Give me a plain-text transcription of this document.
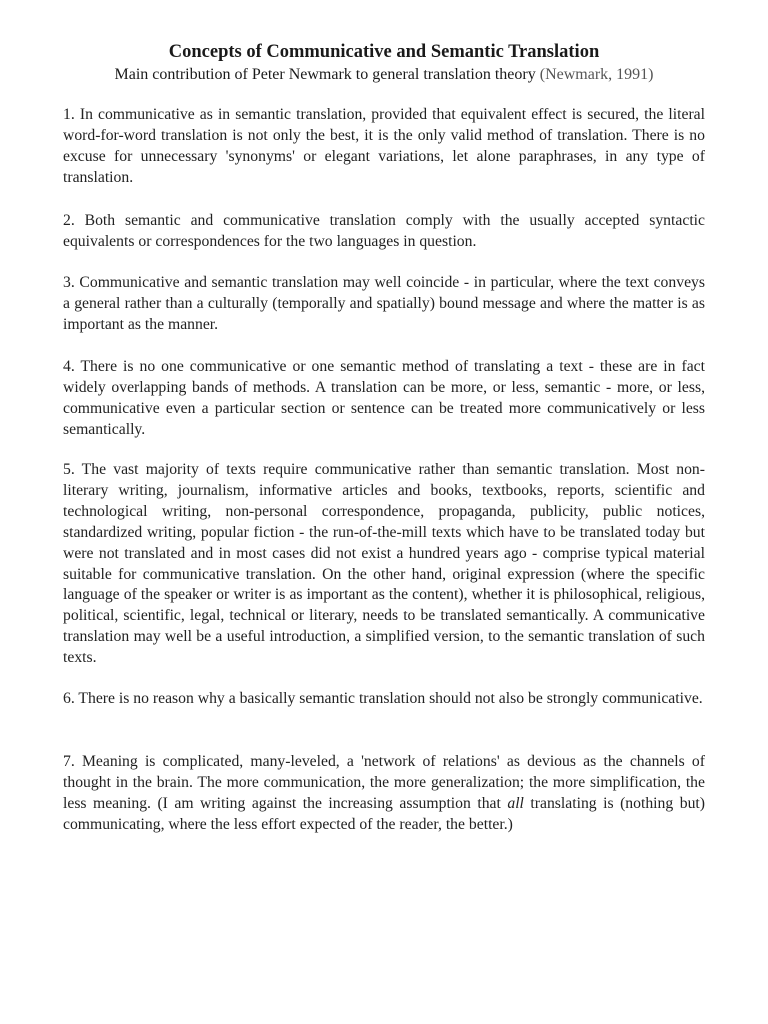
Concepts of Communicative and Semantic Translation

Main contribution of Peter Newmark to general translation theory (Newmark, 1991)

1. In communicative as in semantic translation, provided that equivalent effect is secured, the literal word-for-word translation is not only the best, it is the only valid method of translation. There is no excuse for unnecessary 'synonyms' or elegant variations, let alone paraphrases, in any type of translation.

2. Both semantic and communicative translation comply with the usually accepted syntactic equivalents or correspondences for the two languages in question.

3. Communicative and semantic translation may well coincide - in particular, where the text conveys a general rather than a culturally (temporally and spatially) bound message and where the matter is as important as the manner.

4. There is no one communicative or one semantic method of translating a text - these are in fact widely overlapping bands of methods. A translation can be more, or less, semantic - more, or less, communicative even a particular section or sentence can be treated more communicatively or less semantically.

5. The vast majority of texts require communicative rather than semantic translation. Most non-literary writing, journalism, informative articles and books, textbooks, reports, scientific and technological writing, non-personal correspondence, propaganda, publicity, public notices, standardized writing, popular fiction - the run-of-the-mill texts which have to be translated today but were not translated and in most cases did not exist a hundred years ago - comprise typical material suitable for communicative translation. On the other hand, original expression (where the specific language of the speaker or writer is as important as the content), whether it is philosophical, religious, political, scientific, legal, technical or literary, needs to be translated semantically. A communicative translation may well be a useful introduction, a simplified version, to the semantic translation of such texts.

6. There is no reason why a basically semantic translation should not also be strongly communicative.

7. Meaning is complicated, many-leveled, a 'network of relations' as devious as the channels of thought in the brain. The more communication, the more generalization; the more simplification, the less meaning. (I am writing against the increasing assumption that all translating is (nothing but) communicating, where the less effort expected of the reader, the better.)
